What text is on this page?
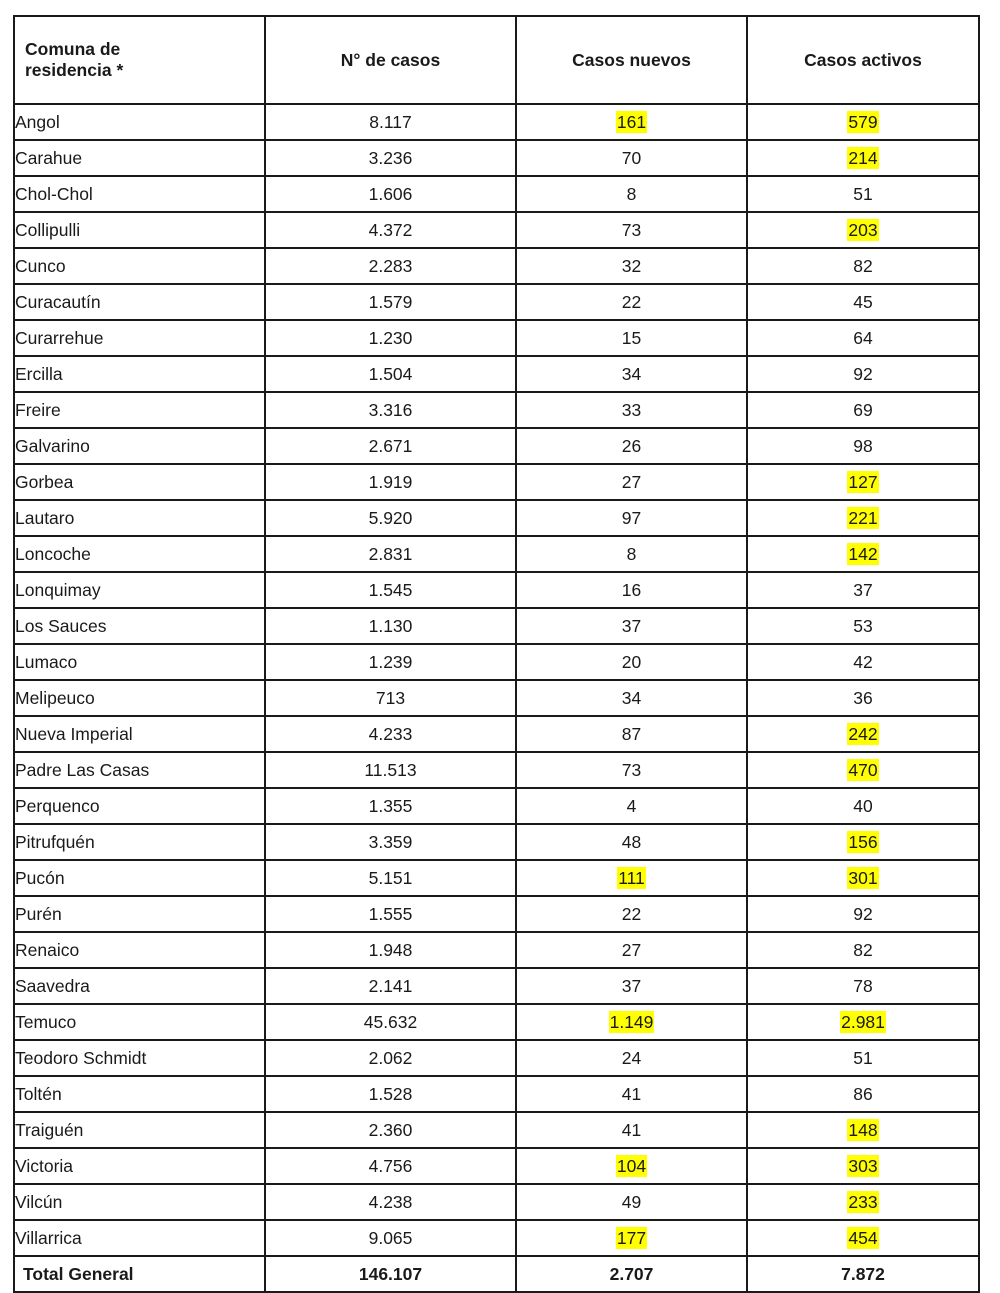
Comuna de
residencia *	N° de casos	Casos nuevos	Casos activos
Angol	8.117	161	579
Carahue	3.236	70	214
Chol-Chol	1.606	8	51
Collipulli	4.372	73	203
Cunco	2.283	32	82
Curacautín	1.579	22	45
Curarrehue	1.230	15	64
Ercilla	1.504	34	92
Freire	3.316	33	69
Galvarino	2.671	26	98
Gorbea	1.919	27	127
Lautaro	5.920	97	221
Loncoche	2.831	8	142
Lonquimay	1.545	16	37
Los Sauces	1.130	37	53
Lumaco	1.239	20	42
Melipeuco	713	34	36
Nueva Imperial	4.233	87	242
Padre Las Casas	11.513	73	470
Perquenco	1.355	4	40
Pitrufquén	3.359	48	156
Pucón	5.151	111	301
Purén	1.555	22	92
Renaico	1.948	27	82
Saavedra	2.141	37	78
Temuco	45.632	1.149	2.981
Teodoro Schmidt	2.062	24	51
Toltén	1.528	41	86
Traiguén	2.360	41	148
Victoria	4.756	104	303
Vilcún	4.238	49	233
Villarrica	9.065	177	454
Total General	146.107	2.707	7.872
